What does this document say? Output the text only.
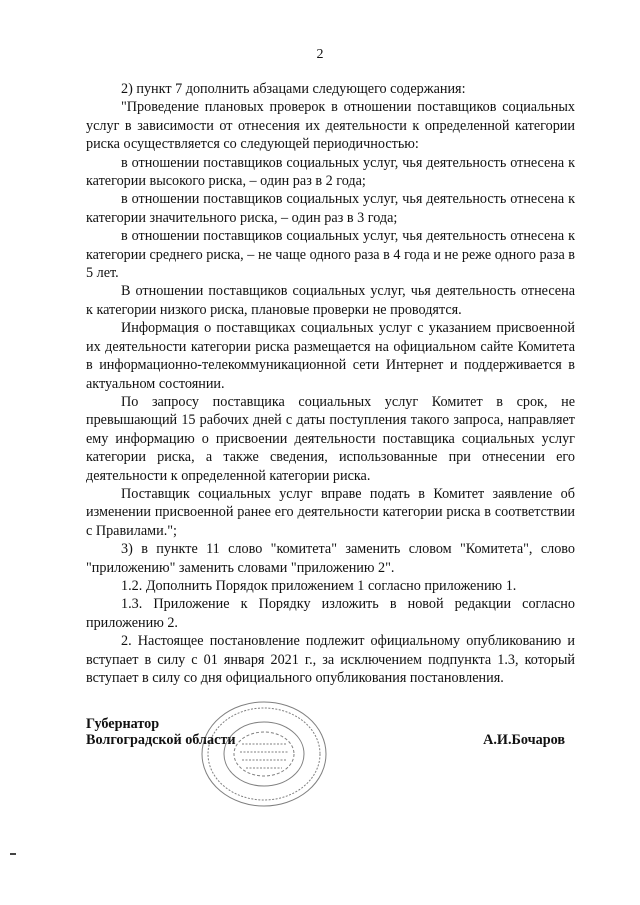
2

2) пункт 7 дополнить абзацами следующего содержания:

"Проведение плановых проверок в отношении поставщиков социальных услуг в зависимости от отнесения их деятельности к определенной категории риска осуществляется со следующей периодичностью:

в отношении поставщиков социальных услуг, чья деятельность отнесена к категории высокого риска, – один раз в 2 года;

в отношении поставщиков социальных услуг, чья деятельность отнесена к категории значительного риска, – один раз в 3 года;

в отношении поставщиков социальных услуг, чья деятельность отнесена к категории среднего риска, – не чаще одного раза в 4 года и не реже одного раза в 5 лет.

В отношении поставщиков социальных услуг, чья деятельность отнесена к категории низкого риска, плановые проверки не проводятся.

Информация о поставщиках социальных услуг с указанием присвоенной их деятельности категории риска размещается на официальном сайте Комитета в информационно-телекоммуникационной сети Интернет и поддерживается в актуальном состоянии.

По запросу поставщика социальных услуг Комитет в срок, не превышающий 15 рабочих дней с даты поступления такого запроса, направляет ему информацию о присвоении деятельности поставщика социальных услуг категории риска, а также сведения, использованные при отнесении его деятельности к определенной категории риска.

Поставщик социальных услуг вправе подать в Комитет заявление об изменении присвоенной ранее его деятельности категории риска в соответствии с Правилами.";

3) в пункте 11 слово "комитета" заменить словом "Комитета", слово "приложению" заменить словами "приложению 2".

1.2. Дополнить Порядок приложением 1 согласно приложению 1.

1.3. Приложение к Порядку изложить в новой редакции согласно приложению 2.

2. Настоящее постановление подлежит официальному опубликованию и вступает в силу с 01 января 2021 г., за исключением подпункта 1.3, который вступает в силу со дня официального опубликования постановления.

Губернатор
Волгоградской области	А.И.Бочаров
